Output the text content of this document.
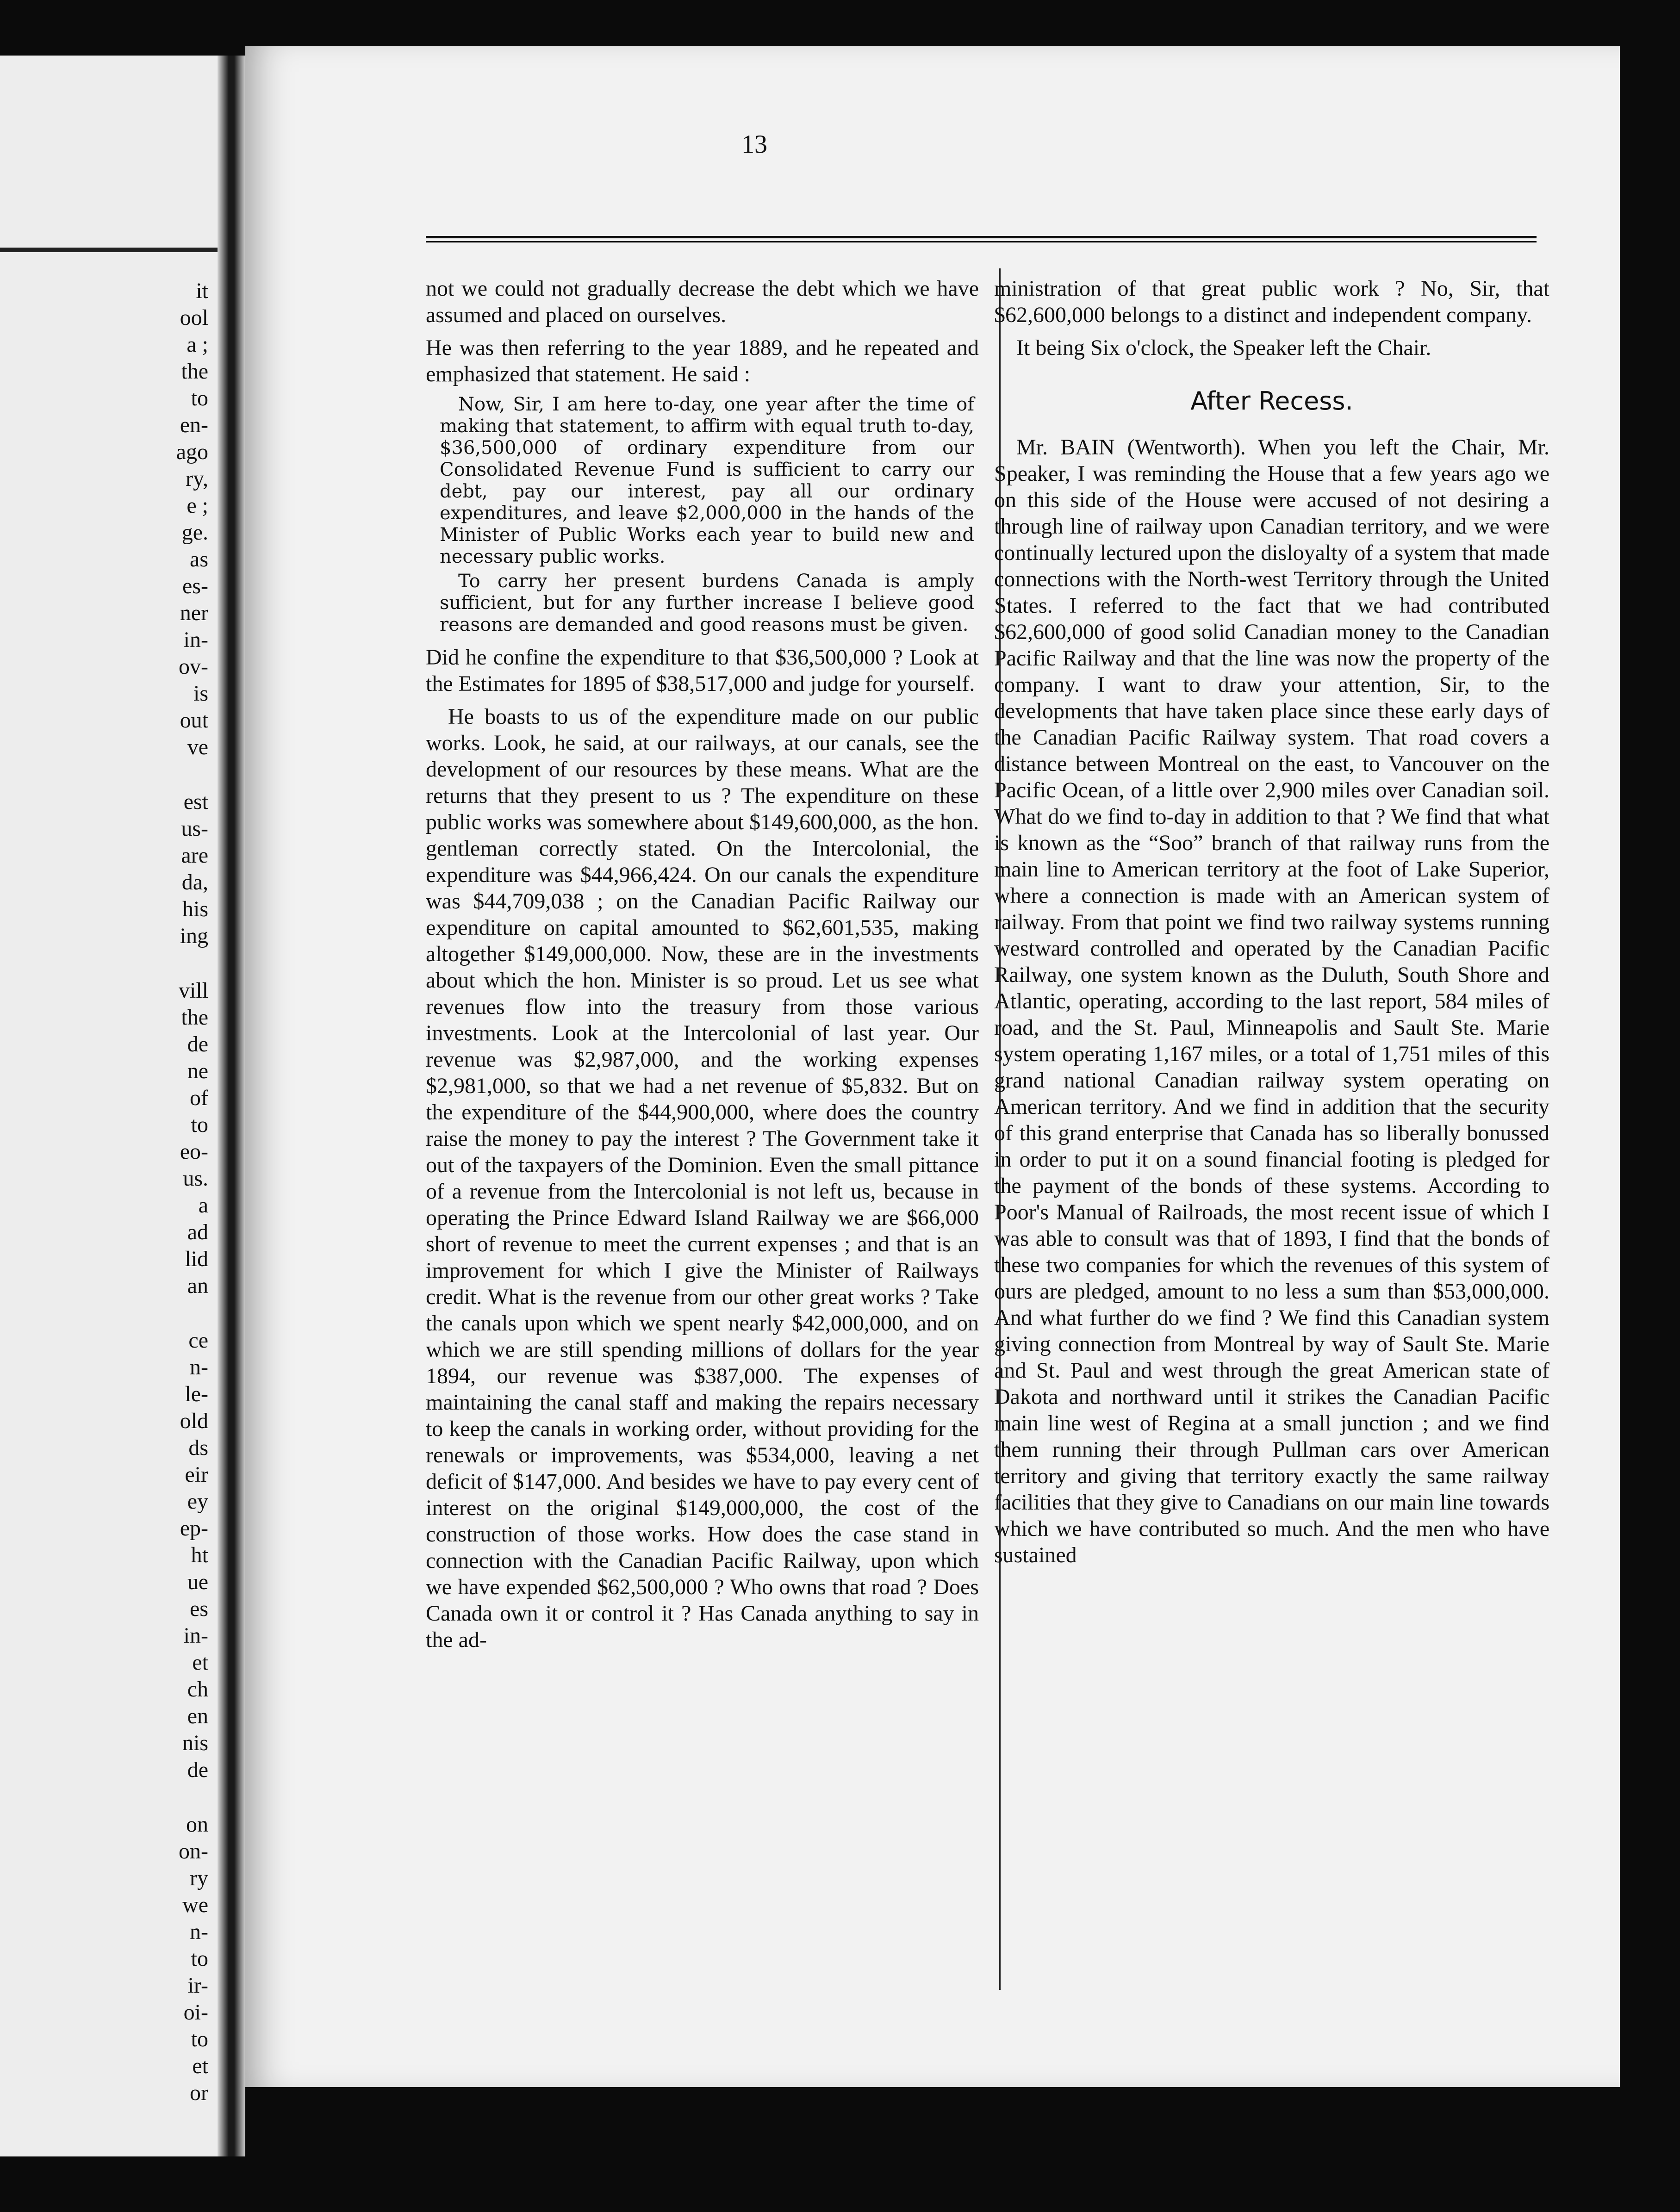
it
ool
a ;
the
to
en-
ago
ry,
e ;
ge.
as
es-
ner
in-
ov-
is
out
ve
est
us-
are
da,
his
ing
vill
the
de
ne
of
to
eo-
us.
a
ad
lid
an
ce
n-
le-
old
ds
eir
ey
ep-
ht
ue
es
in-
et
ch
en
nis
de
on
on-
ry
we
n-
to
ir-
oi-
to
et
or
13

not we could not gradually decrease the debt which we have assumed and placed on ourselves.

He was then referring to the year 1889, and he repeated and emphasized that statement. He said :

Now, Sir, I am here to-day, one year after the time of making that statement, to affirm with equal truth to-day, $36,500,000 of ordinary expenditure from our Consolidated Revenue Fund is sufficient to carry our debt, pay our interest, pay all our ordinary expenditures, and leave $2,000,000 in the hands of the Minister of Public Works each year to build new and necessary public works.

To carry her present burdens Canada is amply sufficient, but for any further increase I believe good reasons are demanded and good reasons must be given.

Did he confine the expenditure to that $36,500,000 ? Look at the Estimates for 1895 of $38,517,000 and judge for yourself.

He boasts to us of the expenditure made on our public works. Look, he said, at our railways, at our canals, see the development of our resources by these means. What are the returns that they present to us ? The expenditure on these public works was somewhere about $149,600,000, as the hon. gentleman correctly stated. On the Intercolonial, the expenditure was $44,966,424. On our canals the expenditure was $44,709,038 ; on the Canadian Pacific Railway our expenditure on capital amounted to $62,601,535, making altogether $149,000,000. Now, these are in the investments about which the hon. Minister is so proud. Let us see what revenues flow into the treasury from those various investments. Look at the Intercolonial of last year. Our revenue was $2,987,000, and the working expenses $2,981,000, so that we had a net revenue of $5,832. But on the expenditure of the $44,900,000, where does the country raise the money to pay the interest ? The Government take it out of the taxpayers of the Dominion. Even the small pittance of a revenue from the Intercolonial is not left us, because in operating the Prince Edward Island Railway we are $66,000 short of revenue to meet the current expenses ; and that is an improvement for which I give the Minister of Railways credit. What is the revenue from our other great works ? Take the canals upon which we spent nearly $42,000,000, and on which we are still spending millions of dollars for the year 1894, our revenue was $387,000. The expenses of maintaining the canal staff and making the repairs necessary to keep the canals in working order, without providing for the renewals or improvements, was $534,000, leaving a net deficit of $147,000. And besides we have to pay every cent of interest on the original $149,000,000, the cost of the construction of those works. How does the case stand in connection with the Canadian Pacific Railway, upon which we have expended $62,500,000 ? Who owns that road ? Does Canada own it or control it ? Has Canada anything to say in the ad-

ministration of that great public work ? No, Sir, that $62,600,000 belongs to a distinct and independent company.

It being Six o'clock, the Speaker left the Chair.

After Recess.

Mr. BAIN (Wentworth). When you left the Chair, Mr. Speaker, I was reminding the House that a few years ago we on this side of the House were accused of not desiring a through line of railway upon Canadian territory, and we were continually lectured upon the disloyalty of a system that made connections with the North-west Territory through the United States. I referred to the fact that we had contributed $62,600,000 of good solid Canadian money to the Canadian Pacific Railway and that the line was now the property of the company. I want to draw your attention, Sir, to the developments that have taken place since these early days of the Canadian Pacific Railway system. That road covers a distance between Montreal on the east, to Vancouver on the Pacific Ocean, of a little over 2,900 miles over Canadian soil. What do we find to-day in addition to that ? We find that what is known as the “Soo” branch of that railway runs from the main line to American territory at the foot of Lake Superior, where a connection is made with an American system of railway. From that point we find two railway systems running westward controlled and operated by the Canadian Pacific Railway, one system known as the Duluth, South Shore and Atlantic, operating, according to the last report, 584 miles of road, and the St. Paul, Minneapolis and Sault Ste. Marie system operating 1,167 miles, or a total of 1,751 miles of this grand national Canadian railway system operating on American territory. And we find in addition that the security of this grand enterprise that Canada has so liberally bonussed in order to put it on a sound financial footing is pledged for the payment of the bonds of these systems. According to Poor's Manual of Railroads, the most recent issue of which I was able to consult was that of 1893, I find that the bonds of these two companies for which the revenues of this system of ours are pledged, amount to no less a sum than $53,000,000. And what further do we find ? We find this Canadian system giving connection from Montreal by way of Sault Ste. Marie and St. Paul and west through the great American state of Dakota and northward until it strikes the Canadian Pacific main line west of Regina at a small junction ; and we find them running their through Pullman cars over American territory and giving that territory exactly the same railway facilities that they give to Canadians on our main line towards which we have contributed so much. And the men who have sustained
